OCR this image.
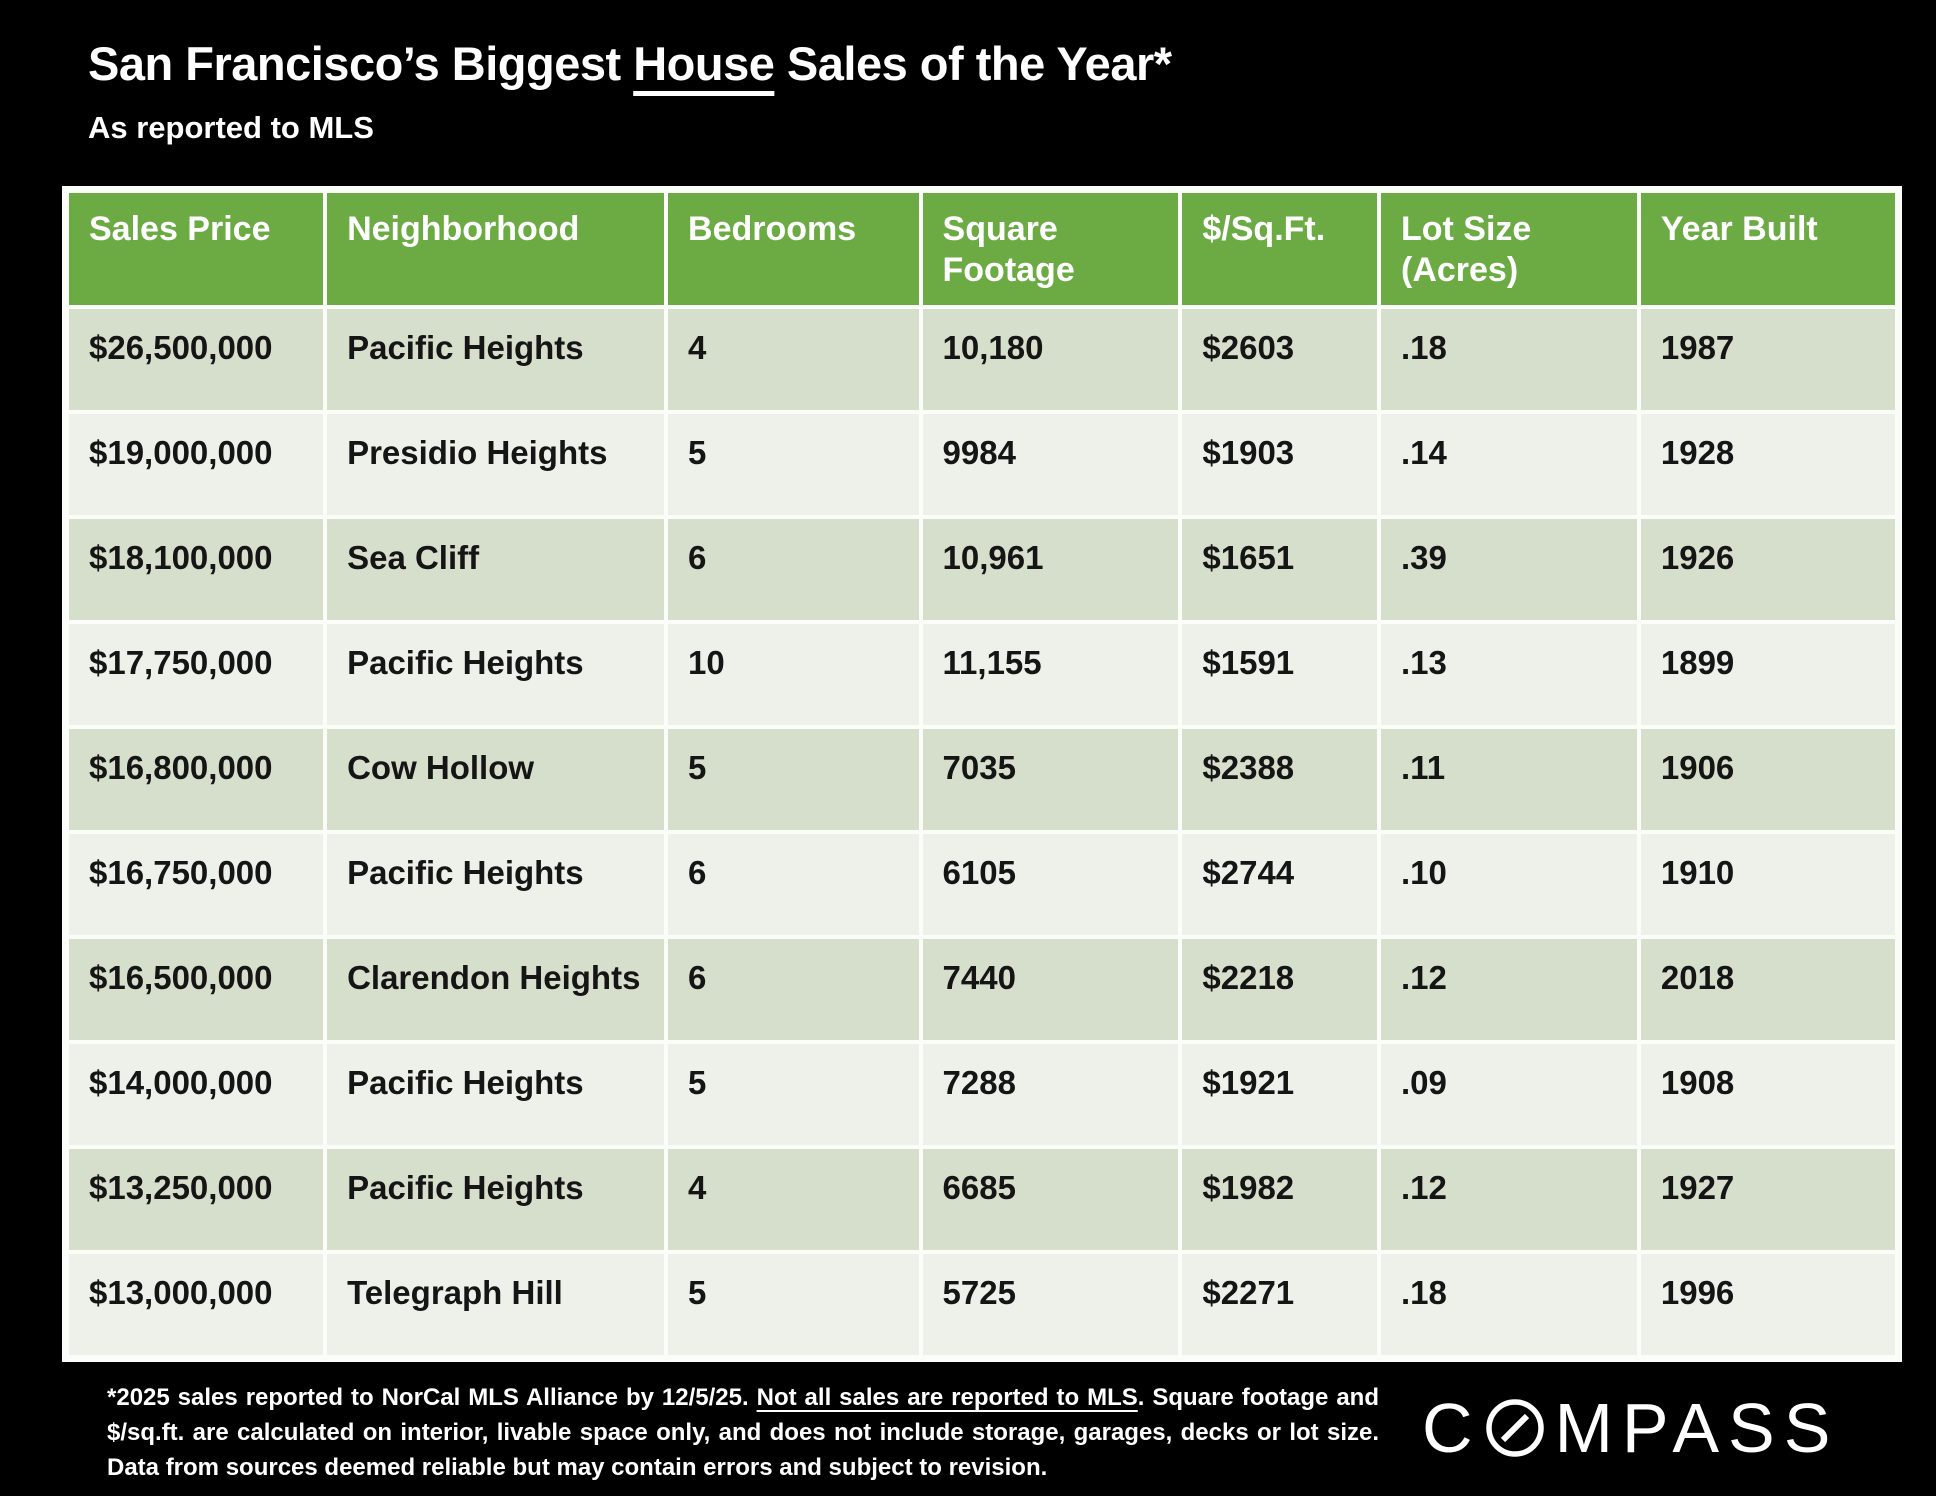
San Francisco’s Biggest House Sales of the Year*
As reported to MLS
Sales Price	Neighborhood	Bedrooms	Square Footage	$/Sq.Ft.	Lot Size (Acres)	Year Built
$26,500,000	Pacific Heights	4	10,180	$2603	.18	1987
$19,000,000	Presidio Heights	5	9984	$1903	.14	1928
$18,100,000	Sea Cliff	6	10,961	$1651	.39	1926
$17,750,000	Pacific Heights	10	11,155	$1591	.13	1899
$16,800,000	Cow Hollow	5	7035	$2388	.11	1906
$16,750,000	Pacific Heights	6	6105	$2744	.10	1910
$16,500,000	Clarendon Heights	6	7440	$2218	.12	2018
$14,000,000	Pacific Heights	5	7288	$1921	.09	1908
$13,250,000	Pacific Heights	4	6685	$1982	.12	1927
$13,000,000	Telegraph Hill	5	5725	$2271	.18	1996

*2025 sales reported to NorCal MLS Alliance by 12/5/25. Not all sales are reported to MLS. Square footage and $/sq.ft. are calculated on interior, livable space only, and does not include storage, garages, decks or lot size. Data from sources deemed reliable but may contain errors and subject to revision.

C MPASS
